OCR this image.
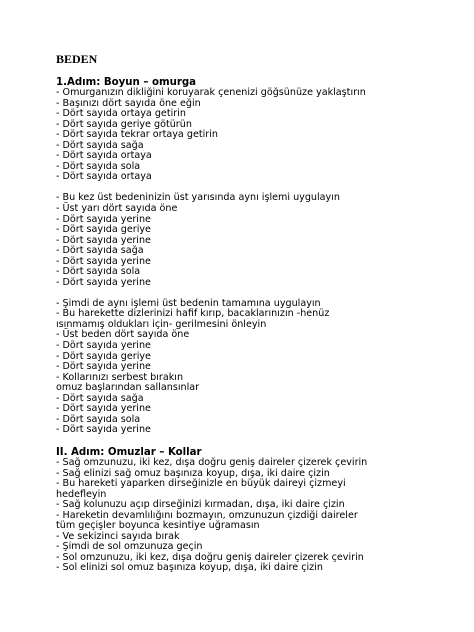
BEDEN
1.Adım: Boyun – omurga
- Omurganızın dikliğini koruyarak çenenizi göğsünüze yaklaştırın
- Başınızı dört sayıda öne eğin
- Dört sayıda ortaya getirin
- Dört sayıda geriye götürün
- Dört sayıda tekrar ortaya getirin
- Dört sayıda sağa
- Dört sayıda ortaya
- Dört sayıda sola
- Dört sayıda ortaya
- Bu kez üst bedeninizin üst yarısında aynı işlemi uygulayın
- Üst yarı dört sayıda öne
- Dört sayıda yerine
- Dört sayıda geriye
- Dört sayıda yerine
- Dört sayıda sağa
- Dört sayıda yerine
- Dört sayıda sola
- Dört sayıda yerine
- Şimdi de aynı işlemi üst bedenin tamamına uygulayın
- Bu harekette dizlerinizi hafif kırıp, bacaklarınızın -henüz
ısınmamış oldukları için- gerilmesini önleyin
- Üst beden dört sayıda öne
- Dört sayıda yerine
- Dört sayıda geriye
- Dört sayıda yerine
- Kollarınızı serbest bırakın
omuz başlarından sallansınlar
- Dört sayıda sağa
- Dört sayıda yerine
- Dört sayıda sola
- Dört sayıda yerine
II. Adım: Omuzlar – Kollar
- Sağ omzunuzu, iki kez, dışa doğru geniş daireler çizerek çevirin
- Sağ elinizi sağ omuz başınıza koyup, dışa, iki daire çizin
- Bu hareketi yaparken dirseğinizle en büyük daireyi çizmeyi
hedefleyin
- Sağ kolunuzu açıp dirseğinizi kırmadan, dışa, iki daire çizin
- Hareketin devamlılığını bozmayın, omzunuzun çizdiği daireler
tüm geçişler boyunca kesintiye uğramasın
- Ve sekizinci sayıda bırak
- Şimdi de sol omzunuza geçin
- Sol omzunuzu, iki kez, dışa doğru geniş daireler çizerek çevirin
- Sol elinizi sol omuz başınıza koyup, dışa, iki daire çizin
